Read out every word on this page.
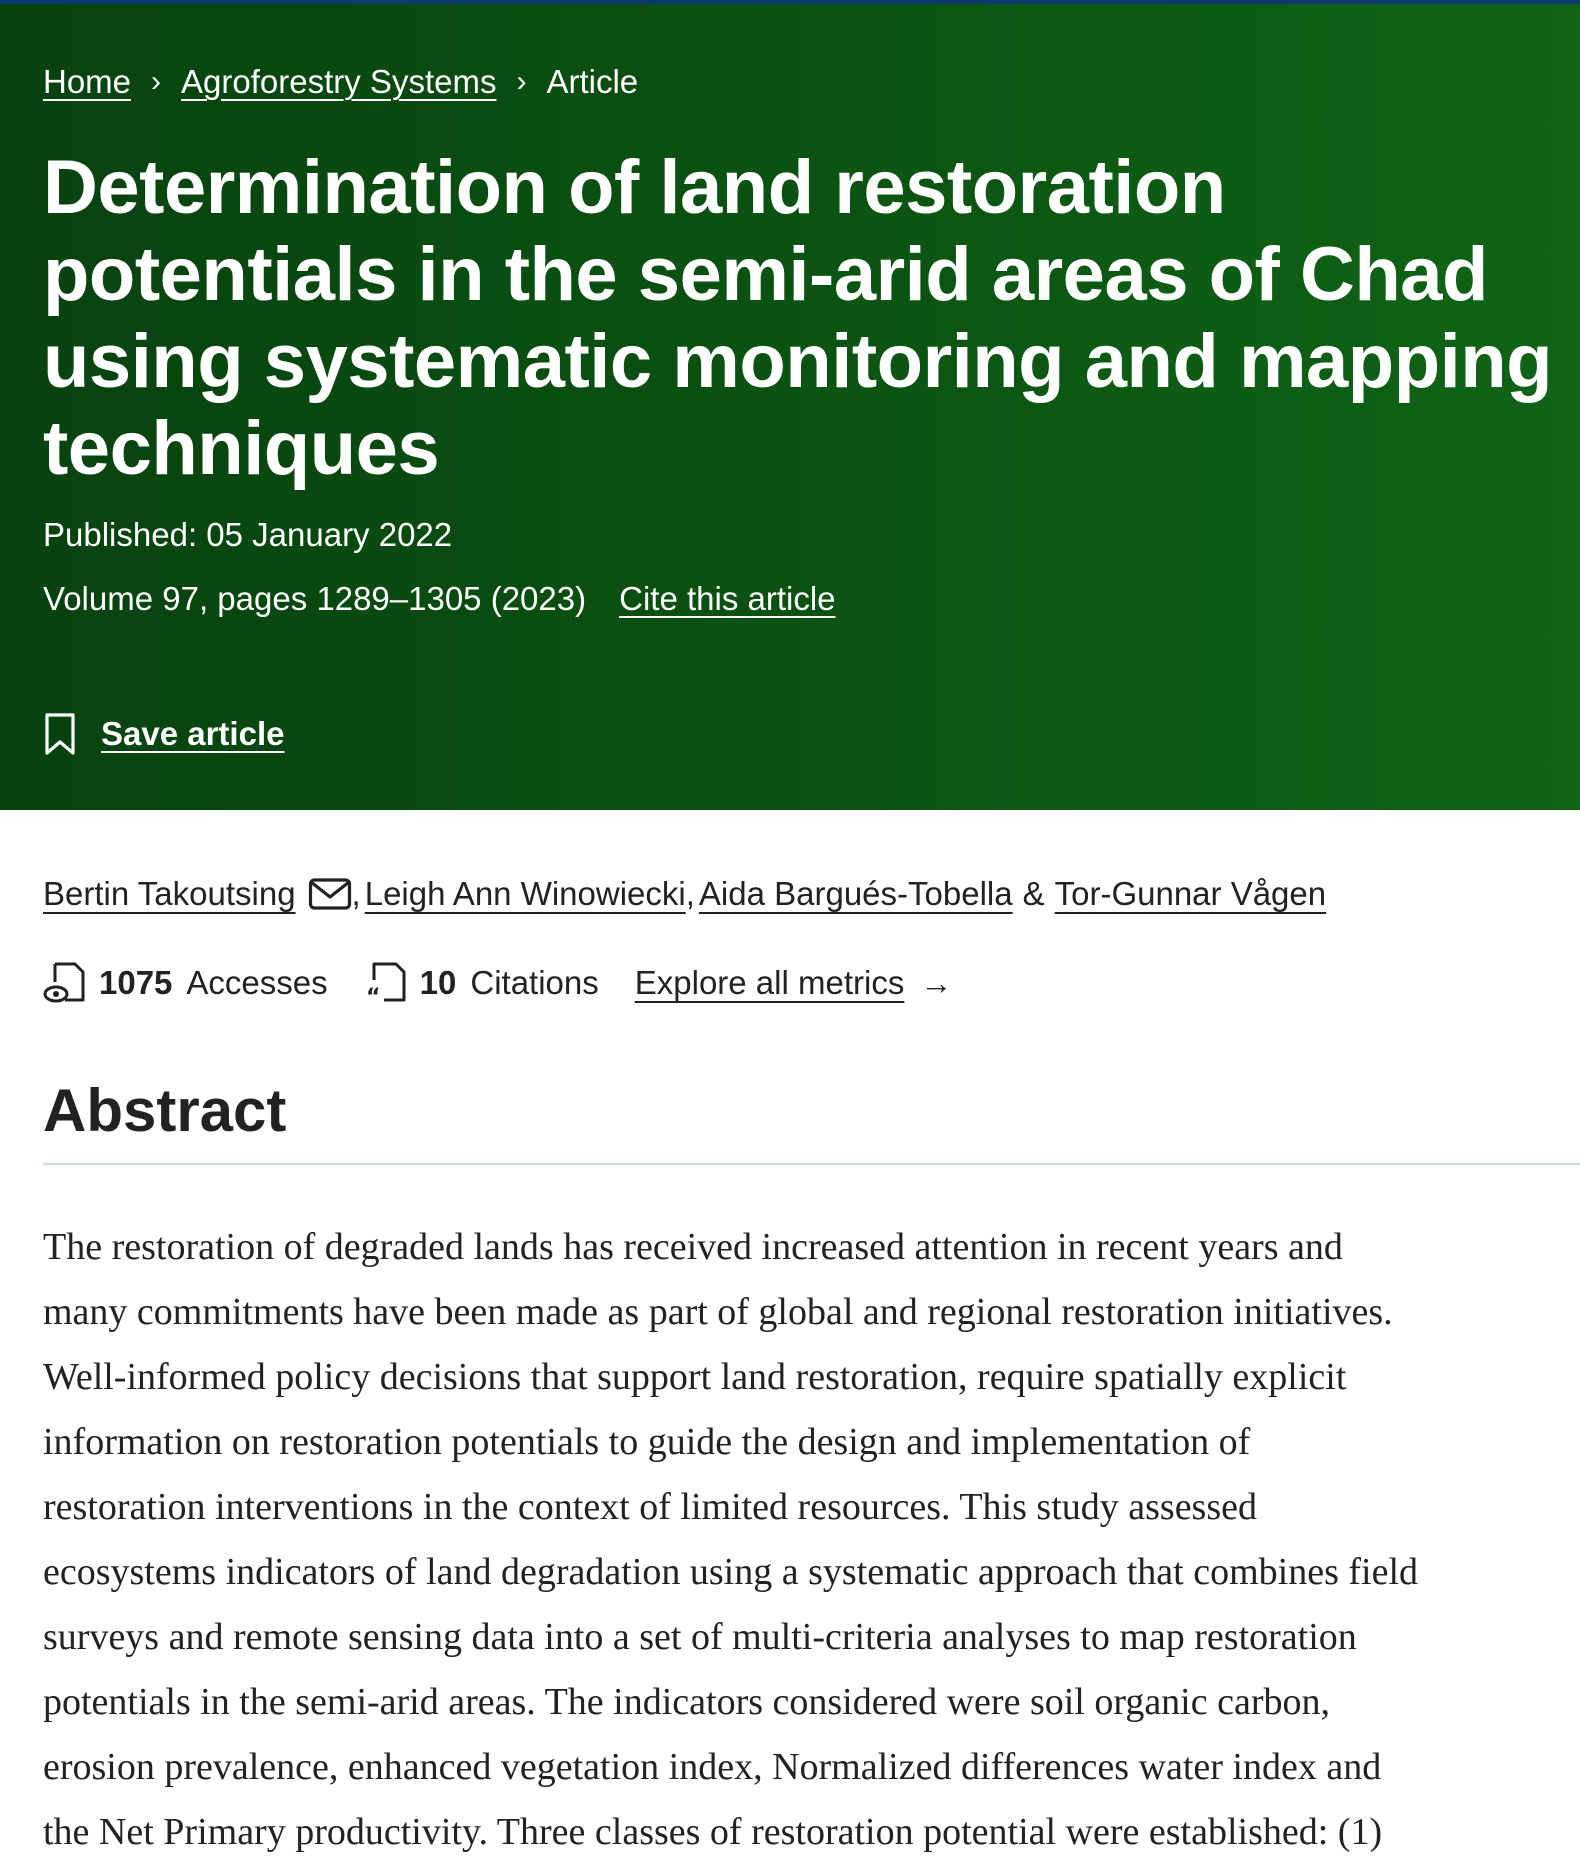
Home › Agroforestry Systems › Article
Determination of land restoration potentials in the semi-arid areas of Chad using systematic monitoring and mapping techniques
Published: 05 January 2022
Volume 97, pages 1289–1305 (2023) Cite this article
Save article
Bertin Takoutsing , Leigh Ann Winowiecki , Aida Bargués-Tobella & Tor-Gunnar Vågen
1075 Accesses “ 10 Citations Explore all metrics →
Abstract
The restoration of degraded lands has received increased attention in recent years and
many commitments have been made as part of global and regional restoration initiatives.
Well-informed policy decisions that support land restoration, require spatially explicit
information on restoration potentials to guide the design and implementation of
restoration interventions in the context of limited resources. This study assessed
ecosystems indicators of land degradation using a systematic approach that combines field
surveys and remote sensing data into a set of multi-criteria analyses to map restoration
potentials in the semi-arid areas. The indicators considered were soil organic carbon,
erosion prevalence, enhanced vegetation index, Normalized differences water index and
the Net Primary productivity. Three classes of restoration potential were established: (1)
